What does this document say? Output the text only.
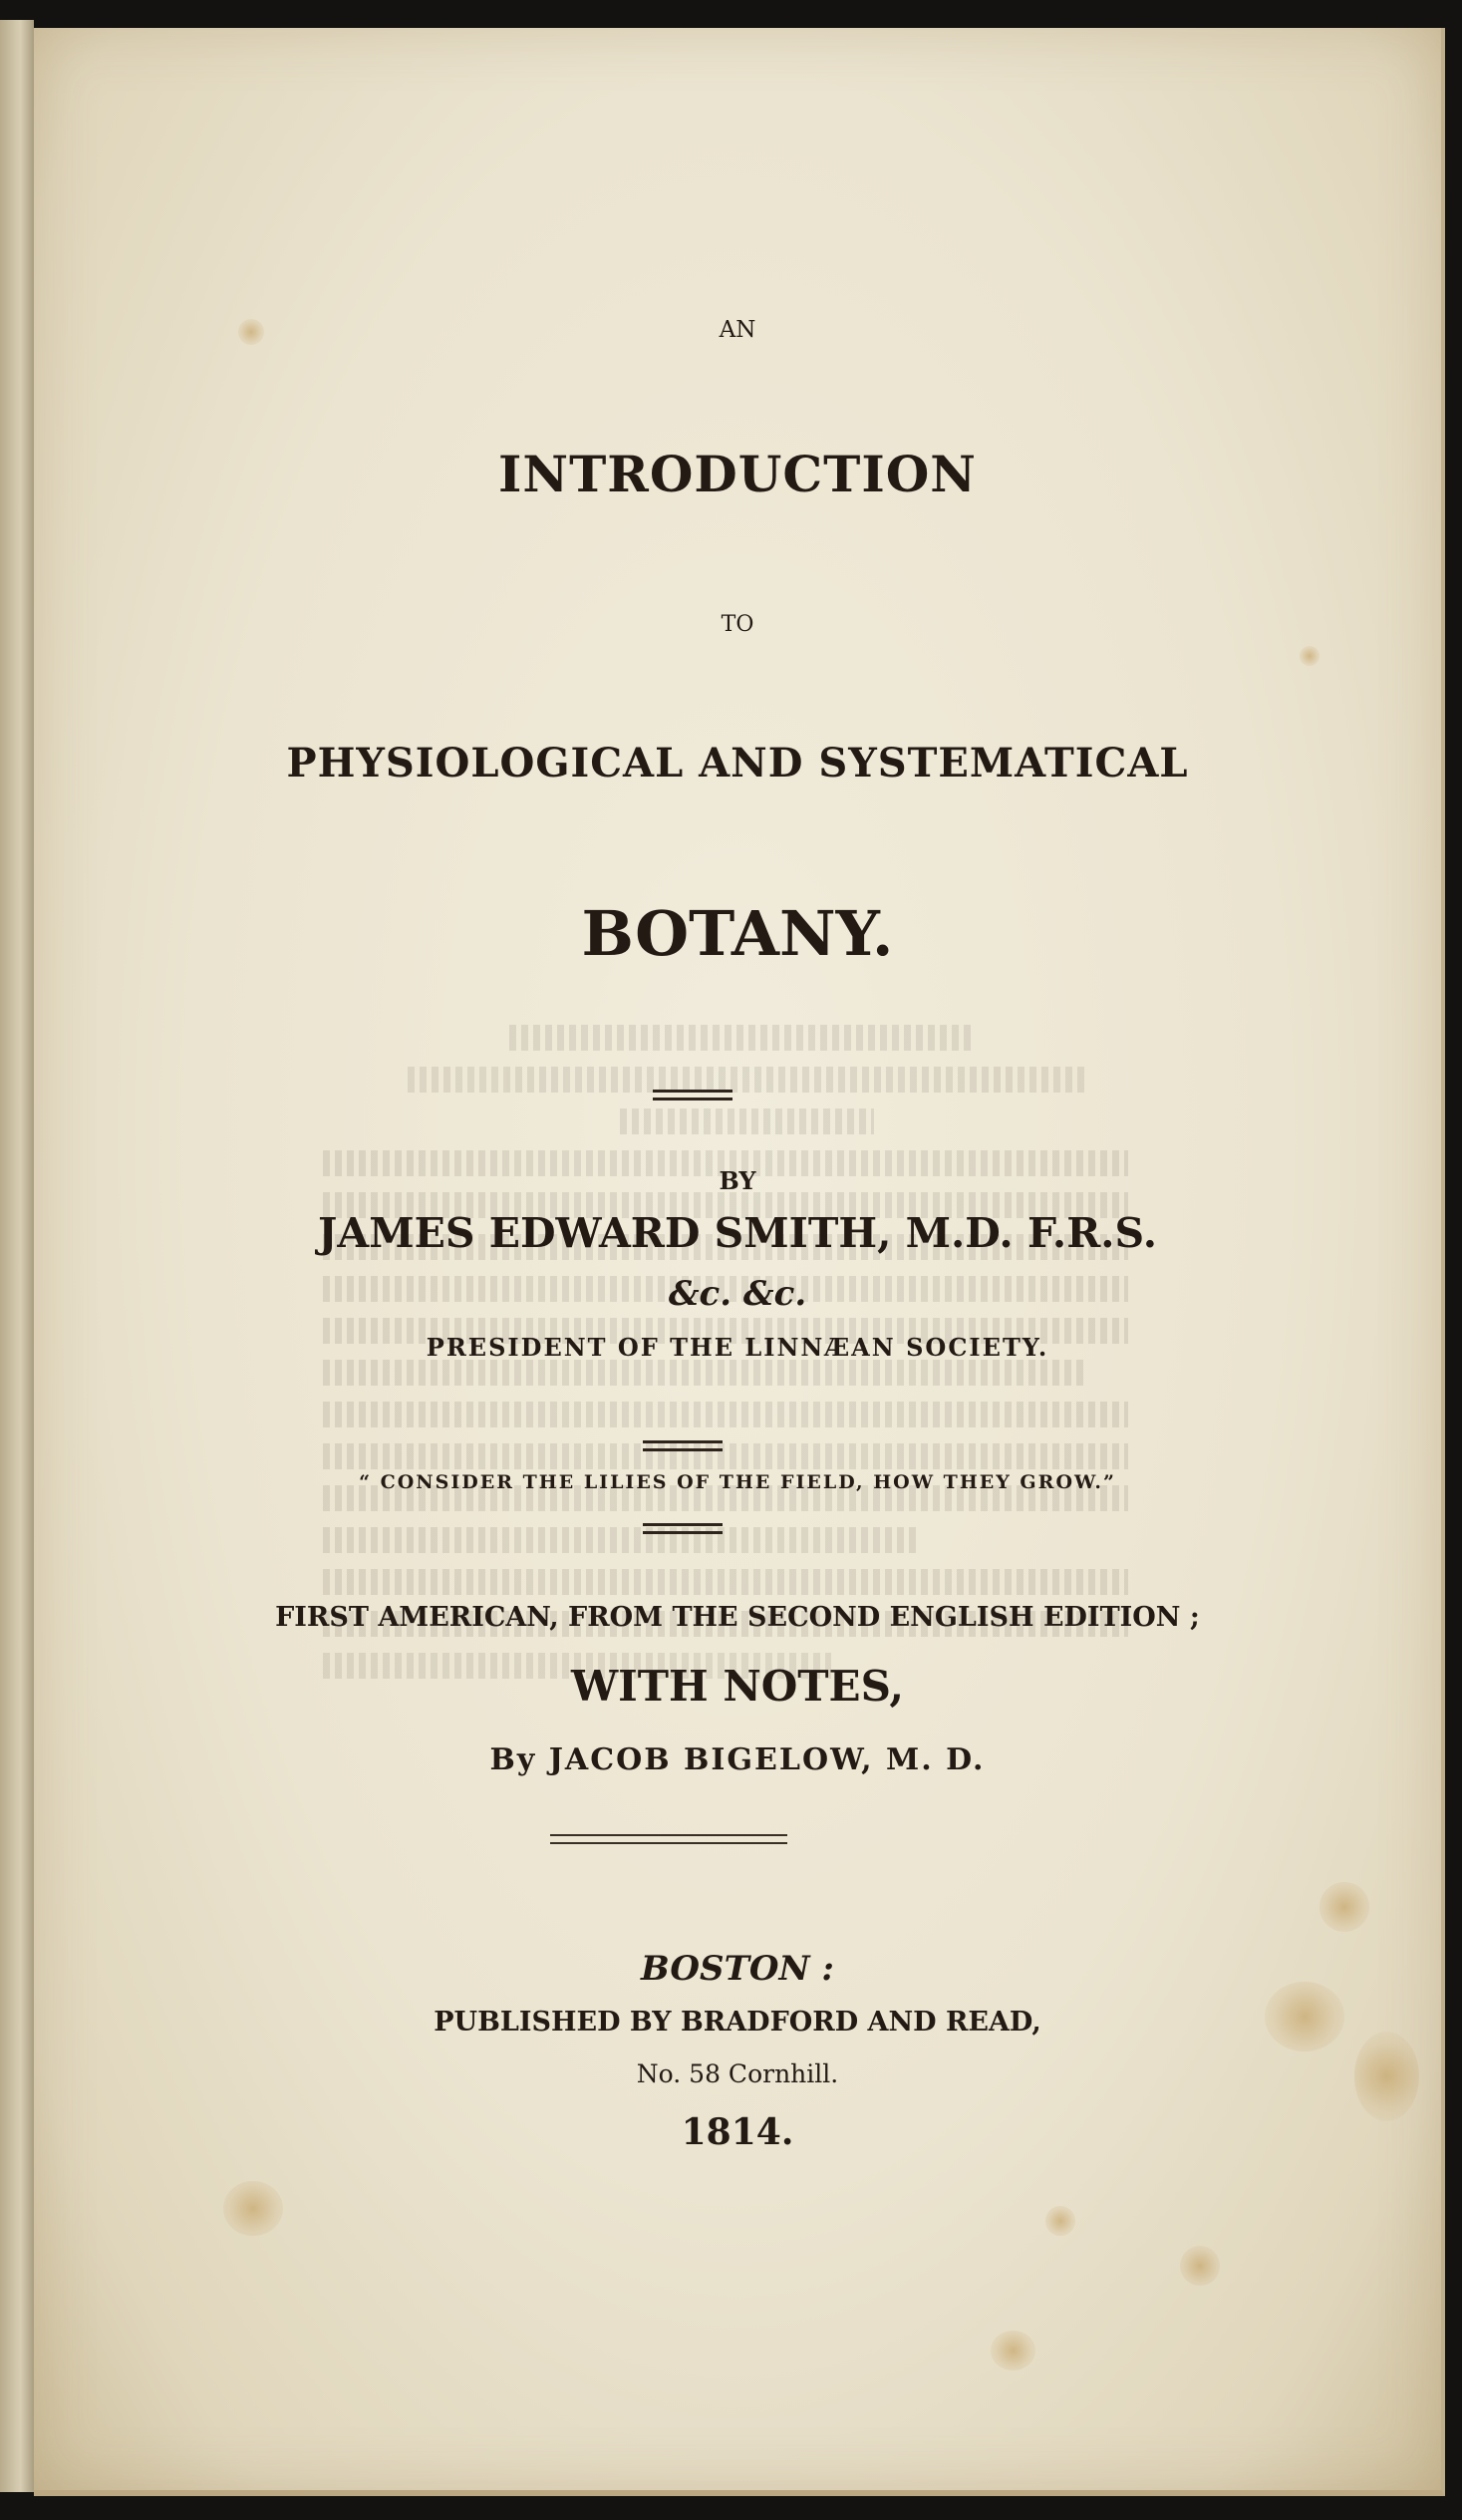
AN

INTRODUCTION

TO

PHYSIOLOGICAL AND SYSTEMATICAL

BOTANY.

BY

JAMES EDWARD SMITH, M.D. F.R.S.

&c. &c.

PRESIDENT OF THE LINNÆAN SOCIETY.

“ CONSIDER THE LILIES OF THE FIELD, HOW THEY GROW.”

FIRST AMERICAN, FROM THE SECOND ENGLISH EDITION ;

WITH NOTES,

By JACOB BIGELOW, M. D.

BOSTON :

PUBLISHED BY BRADFORD AND READ,

No. 58 Cornhill.

1814.
